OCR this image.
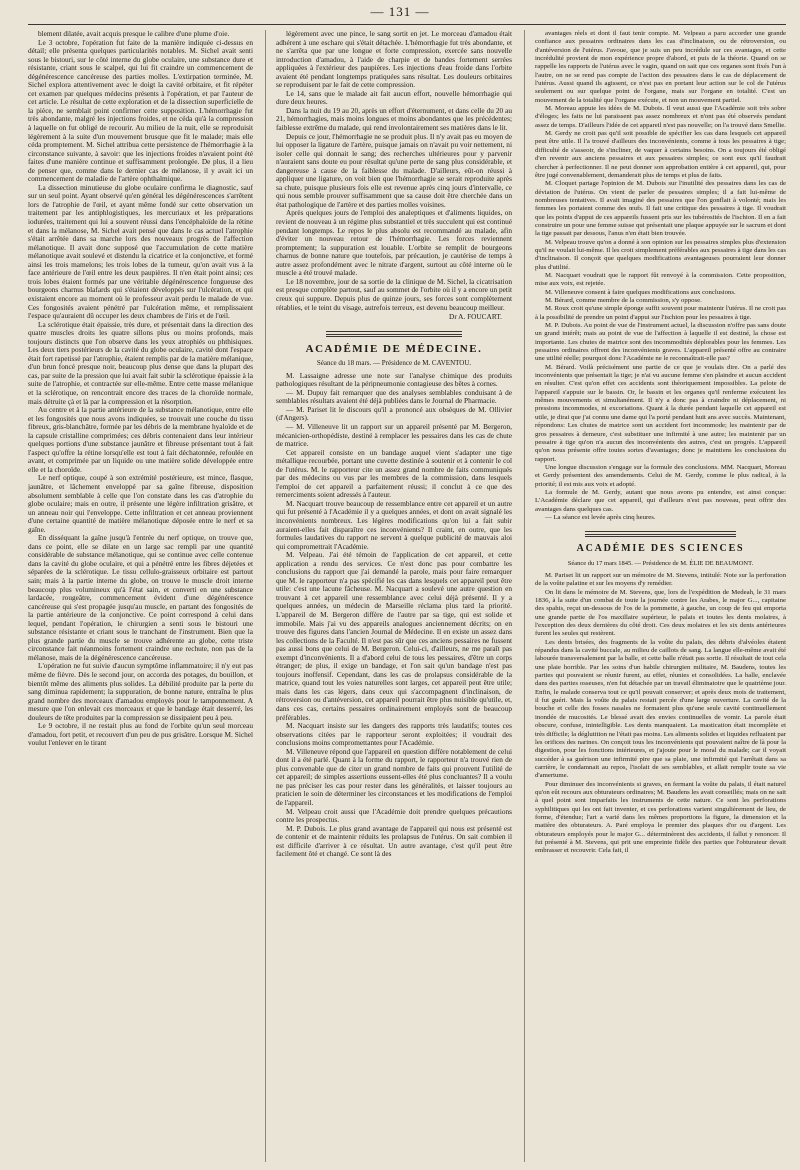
— 131 —

blement dilatée, avait acquis presque le calibre d'une plume d'oie.

Le 3 octobre, l'opération fut faite de la manière indiquée ci-dessus en détail; elle présenta quelques particularités notables. M. Sichel avait senti sous le bistouri, sur le côté interne du globe oculaire, une substance dure et résistante, criant sous le scalpel, qui lui fit craindre un commencement de dégénérescence cancéreuse des parties molles. L'extirpation terminée, M. Sichel explora attentivement avec le doigt la cavité orbitaire, et fit répéter cet examen par quelques médecins présents à l'opération, et par l'auteur de cet article. Le résultat de cette exploration et de la dissection superficielle de la pièce, ne semblait point confirmer cette supposition. L'hémorrhagie fut très abondante, malgré les injections froides, et ne céda qu'à la compression à laquelle on fut obligé de recourir. Au milieu de la nuit, elle se reproduisit légèrement à la suite d'un mouvement brusque que fit le malade; mais elle céda promptement. M. Sichel attribua cette persistence de l'hémorrhagie à la circonstance suivante, à savoir: que les injections froides n'avaient point été faites d'une manière continue et suffisamment prolongée. De plus, il a lieu de penser que, comme dans le dernier cas de mélanose, il y avait ici un commencement de maladie de l'artère ophthalmique.

La dissection minutieuse du globe oculaire confirma le diagnostic, sauf sur un seul point. Ayant observé qu'en général les dégénérescences s'arrêtent lors de l'atrophie de l'œil, et ayant même fondé sur cette observation un traitement par les antiphlogistiques, les mercuriaux et les préparations iodurées, traitement qui lui a souvent réussi dans l'encéphaloïde de la rétine et dans la mélanose, M. Sichel avait pensé que dans le cas actuel l'atrophie s'était arrêtée dans sa marche lors des nouveaux progrès de l'affection mélanotique. Il avait donc supposé que l'accumulation de cette matière mélanotique avait soulevé et distendu la cicatrice et la conjonctive, et formé ainsi les trois mamelons; les trois lobes de la tumeur, qu'on avait vus à la face antérieure de l'œil entre les deux paupières. Il n'en était point ainsi; ces trois lobes étaient formés par une véritable dégénérescence fongueuse des bourgeons charnus blafards qui s'étaient développés sur l'ulcération, et qui existaient encore au moment où le professeur avait perdu le malade de vue. Ces fongosités avaient pénétré par l'ulcération même, et remplissaient l'espace qu'auraient dû occuper les deux chambres de l'iris et de l'œil.

La sclérotique était épaissie, très dure, et présentait dans la direction des quatre muscles droits les quatre sillons plus ou moins profonds, mais toujours distincts que l'on observe dans les yeux atrophiés ou phthisiques. Les deux tiers postérieurs de la cavité du globe oculaire, cavité dont l'espace était fort rapetissé par l'atrophie, étaient remplis par de la matière mélanique, d'un brun foncé presque noir, beaucoup plus dense que dans la plupart des cas, par suite de la pression que lui avait fait subir la sclérotique épaissie à la suite de l'atrophie, et contractée sur elle-même. Entre cette masse mélanique et la sclérotique, on rencontrait encore des traces de la choroïde normale, mais détruite çà et là par la compression et la résorption.

Au centre et à la partie antérieure de la substance mélanotique, entre elle et les fongosités que nous avons indiquées, se trouvait une couche du tissu fibreux, gris-blanchâtre, formée par les débris de la membrane hyaloïde et de la capsule cristalline comprimées; ces débris contenaient dans leur intérieur quelques portions d'une substance jaunâtre et fibreuse présentant tout à fait l'aspect qu'offre la rétine lorsqu'elle est tout à fait déchatonnée, refoulée en avant, et comprimée par un liquide ou une matière solide développée entre elle et la choroïde.

Le nerf optique, coupé à son extrémité postérieure, est mince, flasque, jaunâtre, et lâchement enveloppé par sa gaîne fibreuse, disposition absolument semblable à celle que l'on constate dans les cas d'atrophie du globe oculaire; mais en outre, il présente une légère infiltration grisâtre, et un anneau noir qui l'enveloppe. Cette infiltration et cet anneau proviennent d'une certaine quantité de matière mélanotique déposée entre le nerf et sa gaîne.

En disséquant la gaîne jusqu'à l'entrée du nerf optique, on trouve que, dans ce point, elle se dilate en un large sac rempli par une quantité considérable de substance mélanotique, qui se continue avec celle contenue dans la cavité du globe oculaire, et qui a pénétré entre les fibres déjetées et séparées de la sclérotique. Le tissu cellulo-graisseux orbitaire est partout sain; mais à la partie interne du globe, on trouve le muscle droit interne beaucoup plus volumineux qu'à l'état sain, et converti en une substance lardacée, rougeâtre, commencement évident d'une dégénérescence cancéreuse qui s'est propagée jusqu'au muscle, en partant des fongosités de la partie antérieure de la conjonctive. Ce point correspond à celui dans lequel, pendant l'opération, le chirurgien a senti sous le bistouri une substance résistante et criant sous le tranchant de l'instrument. Bien que la plus grande partie du muscle se trouve adhérente au globe, cette triste circonstance fait néanmoins fortement craindre une rechute, non pas de la mélanose, mais de la dégénérescence cancéreuse.

L'opération ne fut suivie d'aucun symptôme inflammatoire; il n'y eut pas même de fièvre. Dès le second jour, on accorda des potages, du bouillon, et bientôt même des aliments plus solides. La débilité produite par la perte du sang diminua rapidement; la suppuration, de bonne nature, entraîna le plus grand nombre des morceaux d'amadou employés pour le tamponnement. A mesure que l'on enlevait ces morceaux et que le bandage était desserré, les douleurs de tête produites par la compression se dissipaient peu à peu.

Le 9 octobre, il ne restait plus au fond de l'orbite qu'un seul morceau d'amadou, fort petit, et recouvert d'un peu de pus grisâtre. Lorsque M. Sichel voulut l'enlever en le tirant

légèrement avec une pince, le sang sortit en jet. Le morceau d'amadou était adhérent à une eschare qui s'était détachée. L'hémorrhagie fut très abondante, et ne s'arrêta que par une longue et forte compression, exercée sans nouvelle introduction d'amadou, à l'aide de charpie et de bandes fortement serrées appliquées à l'extérieur des paupières. Les injections d'eau froide dans l'orbite avaient été pendant longtemps pratiquées sans résultat. Les douleurs orbitaires se reproduisent par le fait de cette compression.

Le 14, sans que le malade ait fait aucun effort, nouvelle hémorrhagie qui dure deux heures.

Dans la nuit du 19 au 20, après un effort d'éternument, et dans celle du 20 au 21, hémorrhagies, mais moins longues et moins abondantes que les précédentes; faiblesse extrême du malade, qui rend involontairement ses matières dans le lit.

Depuis ce jour, l'hémorrhagie ne se produit plus. Il n'y avait pas eu moyen de lui opposer la ligature de l'artère, puisque jamais on n'avait pu voir nettement, ni isoler celle qui donnait le sang; des recherches ultérieures pour y parvenir n'auraient sans doute eu pour résultat qu'une perte de sang plus considérable, et dangereuse à cause de la faiblesse du malade. D'ailleurs, eût-on réussi à appliquer une ligature, on voit bien que l'hémorrhagie se serait reproduite après sa chute, puisque plusieurs fois elle est revenue après cinq jours d'intervalle, ce qui nous semble prouver suffisamment que sa cause doit être cherchée dans un état pathologique de l'artère et des parties molles voisines.

Après quelques jours de l'emploi des analeptiques et d'aliments liquides, on revient de nouveau à un régime plus substantiel et très succulent qui est continué pendant longtemps. Le repos le plus absolu est recommandé au malade, afin d'éviter un nouveau retour de l'hémorrhagie. Les forces reviennent promptement; la suppuration est louable. L'orbite se remplit de bourgeons charnus de bonne nature que toutefois, par précaution, je cautérise de temps à autre assez profondément avec le nitrate d'argent, surtout au côté interne où le muscle a été trouvé malade.

Le 18 novembre, jour de sa sortie de la clinique de M. Sichel, la cicatrisation est presque complète partout, sauf au sommet de l'orbite où il y a encore un petit creux qui suppure. Depuis plus de quinze jours, ses forces sont complètement rétablies, et le teint du visage, autrefois terreux, est devenu beaucoup meilleur.

Dr A. FOUCART.
ACADÉMIE DE MÉDECINE.
Séance du 18 mars. — Présidence de M. CAVENTOU.

M. Lassaigne adresse une note sur l'analyse chimique des produits pathologiques résultant de la péripneumonie contagieuse des bêtes à cornes.

— M. Dupuy fait remarquer que des analyses semblables conduisant à de semblables résultats avaient été déjà publiées dans le Journal de Pharmacie.

— M. Pariset lit le discours qu'il a prononcé aux obsèques de M. Ollivier (d'Angers).

— M. Villeneuve lit un rapport sur un appareil présenté par M. Bergeron, mécanicien-orthopédiste, destiné à remplacer les pessaires dans les cas de chute de matrice.

Cet appareil consiste en un bandage auquel vient s'adapter une tige métallique recourbée, portant une cuvette destinée à soutenir et à contenir le col de l'utérus. M. le rapporteur cite un assez grand nombre de faits communiqués par des médecins ou vus par les membres de la commission, dans lesquels l'emploi de cet appareil a parfaitement réussi; il conclut à ce que des remerciments soient adressés à l'auteur.

M. Nacquart trouve beaucoup de ressemblance entre cet appareil et un autre qui fut présenté à l'Académie il y a quelques années, et dont on avait signalé les inconvénients nombreux. Les légères modifications qu'on lui a fait subir auraient-elles fait disparaître ces inconvénients? Il craint, en outre, que les formules laudatives du rapport ne servent à quelque publicité de mauvais aloi qui compromettrait l'Académie.

M. Velpeau. J'ai été témoin de l'application de cet appareil, et cette application a rendu des services. Ce n'est donc pas pour combattre les conclusions du rapport que j'ai demandé la parole, mais pour faire remarquer que M. le rapporteur n'a pas spécifié les cas dans lesquels cet appareil peut être utile: c'est une lacune fâcheuse. M. Nacquart a soulevé une autre question en trouvant à cet appareil une ressemblance avec celui déjà présenté. Il y a quelques années, un médecin de Marseille réclama plus tard la priorité. L'appareil de M. Bergeron diffère de l'autre par sa tige, qui est solide et immobile. Mais j'ai vu des appareils analogues anciennement décrits; on en trouve des figures dans l'ancien Journal de Médecine. Il en existe un assez dans les collections de la Faculté. Il n'est pas sûr que ces anciens pessaires ne fussent pas aussi bons que celui de M. Bergeron. Celui-ci, d'ailleurs, ne me paraît pas exempt d'inconvénients. Il a d'abord celui de tous les pessaires, d'être un corps étranger; de plus, il exige un bandage, et l'on sait qu'un bandage n'est pas toujours inoffensif. Cependant, dans les cas de prolapsus considérable de la matrice, quand tout les voies naturelles sont larges, cet appareil peut être utile; mais dans les cas légers, dans ceux qui s'accompagnent d'inclinaison, de rétroversion ou d'antéversion, cet appareil pourrait être plus nuisible qu'utile, et, dans ces cas, certains pessaires ordinairement employés sont de beaucoup préférables.

M. Nacquart insiste sur les dangers des rapports très laudatifs; toutes ces observations citées par le rapporteur seront exploitées; il voudrait des conclusions moins compromettantes pour l'Académie.

M. Villeneuve répond que l'appareil en question diffère notablement de celui dont il a été parlé. Quant à la forme du rapport, le rapporteur n'a trouvé rien de plus convenable que de citer un grand nombre de faits qui prouvent l'utilité de cet appareil; de simples assertions eussent-elles été plus concluantes? Il a voulu ne pas préciser les cas pour rester dans les généralités, et laisser toujours au praticien le soin de déterminer les circonstances et les modifications de l'emploi de l'appareil.

M. Velpeau croit aussi que l'Académie doit prendre quelques précautions contre les prospectus.

M. P. Dubois. Le plus grand avantage de l'appareil qui nous est présenté est de contenir et de maintenir réduits les prolapsus de l'utérus. On sait combien il est difficile d'arriver à ce résultat. Un autre avantage, c'est qu'il peut être facilement ôté et changé. Ce sont là des

avantages réels et dont il faut tenir compte. M. Velpeau a paru accorder une grande confiance aux pessaires ordinaires dans les cas d'inclinaison, ou de rétroversion, ou d'antéversion de l'utérus. J'avoue, que je suis un peu incrédule sur ces avantages, et cette incrédulité provient de mon expérience propre d'abord, et puis de la théorie. Quand on se rappelle les rapports de l'utérus avec le vagin, quand on sait que ces organes sont fixés l'un à l'autre, on ne se rend pas compte de l'action des pessaires dans le cas de déplacement de l'utérus. Aussi quand ils agissent, ce n'est pas en portant leur action sur le col de l'utérus seulement ou sur quelque point de l'organe, mais sur l'organe en totalité. C'est un mouvement de la totalité que l'organe exécute, et non un mouvement partiel.

M. Moreau appuie les idées de M. Dubois. Il veut aussi que l'Académie soit très sobre d'éloges; les faits ne lui paraissent pas assez nombreux et n'ont pas été observés pendant assez de temps. D'ailleurs l'idée de cet appareil n'est pas nouvelle; on l'a trouvé dans Smellie.

M. Gerdy ne croit pas qu'il soit possible de spécifier les cas dans lesquels cet appareil peut être utile. Il l'a trouvé d'ailleurs des inconvénients, comme à tous les pessaires à tige; difficulté de s'asseoir, de s'incliner, de vaquer à certains besoins. On a toujours été obligé d'en revenir aux anciens pessaires et aux pessaires simples; ce sont eux qu'il faudrait chercher à perfectionner. Il ne peut donner son approbation entière à cet appareil, qui, pour être jugé convenablement, demanderait plus de temps et plus de faits.

M. Cloquet partage l'opinion de M. Dubois sur l'inutilité des pessaires dans les cas de déviation de l'utérus. On vient de parler de pessaires simples; il a fait lui-même de nombreuses tentatives. Il avait imaginé des pessaires que l'on gonflait à volonté; mais les femmes les portaient comme des œufs. Il fait une critique des pessaires à tige. Il voudrait que les points d'appui de ces appareils fussent pris sur les tubérosités de l'ischion. Il en a fait construire un pour une femme suisse qui présentait une plaque appuyée sur le sacrum et dont la tige passait par dessous, l'anus n'en était bien trouvée.

M. Velpeau trouve qu'on a donné à son opinion sur les pessaires simples plus d'extension qu'il ne voulait lui-même. Il les croit simplement préférables aux pessaires à tige dans les cas d'inclinaison. Il conçoit que quelques modifications avantageuses pourraient leur donner plus d'utilité.

M. Nacquart voudrait que le rapport fût renvoyé à la commission. Cette proposition, mise aux voix, est rejetée.

M. Villeneuve consent à faire quelques modifications aux conclusions.

M. Bérard, comme membre de la commission, s'y oppose.

M. Roux croit qu'une simple éponge suffit souvent pour maintenir l'utérus. Il ne croit pas à la possibilité de prendre un point d'appui sur l'ischion pour les pessaires à tige.

M. P. Dubois. Au point de vue de l'instrument actuel, la discussion n'offre pas sans doute un grand intérêt; mais au point de vue de l'affection à laquelle il est destiné, la chose est importante. Les chutes de matrice sont des incommodités déplorables pour les femmes. Les pessaires ordinaires offrent des inconvénients graves. L'appareil présenté offre au contraire une utilité réelle; pourquoi donc l'Académie ne le reconnaîtrait-elle pas?

M. Bérard. Voilà précisément une partie de ce que je voulais dire. On a parlé des inconvénients que présentait la tige; je n'ai vu aucune femme s'en plaindre et aucun accident en résulter. C'est qu'on effet ces accidents sont théoriquement impossibles. La pelote de l'appareil s'appuie sur le bassin. Or, le bassin et les organes qu'il renferme exécutent les mêmes mouvements et simultanément. Il n'y a donc pas à craindre ni déplacement, ni pressions incommodes, ni excoriations. Quant à la durée pendant laquelle cet appareil est utile, je dirai que j'ai connu une dame qui l'a porté pendant huit ans avec succès. Maintenant, répondons: Les chutes de matrice sont un accident fort incommode; les maintenir par de gros pessaires à demeure, c'est substituer une infirmité à une autre; les maintenir par un pessaire à tige qu'on n'a aucun des inconvénients des autres, c'est un progrès. L'appareil qu'on nous présente offre toutes sortes d'avantages; donc je maintiens les conclusions du rapport.

Une longue discussion s'engage sur la formule des conclusions. MM. Nacquart, Moreau et Gerdy présentent des amendements. Celui de M. Gerdy, comme le plus radical, à la priorité; il est mis aux voix et adopté.

La formule de M. Gerdy, autant que nous avons pu entendre, est ainsi conçue: L'Académie déclare que cet appareil, qui d'ailleurs n'est pas nouveau, peut offrir des avantages dans quelques cas.

— La séance est levée après cinq heures.

ACADÉMIE DES SCIENCES
Séance du 17 mars 1845. — Présidence de M. ÉLIE DE BEAUMONT.

M. Pariset lit un rapport sur un mémoire de M. Stevens, intitulé: Note sur la perforation de la voûte palatine et sur les moyens d'y remédier.

On lit dans le mémoire de M. Stevens, que, lors de l'expédition de Medeah, le 31 mars 1836, à la suite d'un combat de toute la journée contre les Arabes, le major G..., capitaine des spahis, reçut un-dessous de l'os de la pommette, à gauche, un coup de feu qui emporta une grande partie de l'os maxillaire supérieur, le palais et toutes les dents molaires, à l'exception des deux dernières du côté droit. Ces deux molaires et les six dents antérieures furent les seules qui restèrent.

Les dents brisées, des fragments de la voûte du palais, des débris d'alvéoles étaient répandus dans la cavité buccale, au milieu de caillots de sang. La langue elle-même avait été labourée transversalement par la balle, et cette balle n'était pas sortie. Il résultait de tout cela une plaie horrible. Par les soins d'un habile chirurgien militaire, M. Baudens, toutes les parties qui pouvaient se réunir furent, au effet, réunies et consolidées. La balle, enclavée dans des parties osseuses, n'en fut détachée par un travail éliminatoire que le quatrième jour. Enfin, le malade conserva tout ce qu'il pouvait conserver; et après deux mois de traitement, il fut guéri. Mais la voûte du palais restait percée d'une large ouverture. La cavité de la bouche et celle des fosses nasales ne formaient plus qu'une seule cavité continuellement inondée de mucosités. Le blessé avait des envies continuelles de vomir. La parole était obscure, confuse, inintelligible. Les dents manquaient. La mastication était incomplète et très difficile; la déglutition ne l'était pas moins. Les aliments solides et liquides refluaient par les orifices des narines. On conçoit tous les inconvénients qui pouvaient naître de là pour la digestion, pour les fonctions intérieures, et j'ajoute pour le moral du malade; car il voyait succéder à sa guérison une infirmité pire que sa plaie, une infirmité qui l'arrêtait dans sa carrière, le condamnait au repos, l'isolait de ses semblables, et allait remplir toute sa vie d'amertume.

Pour diminuer des inconvénients si graves, en fermant la voûte du palais, il était naturel qu'on eût recours aux obturateurs ordinaires; M. Baudens les avait conseillés; mais on ne sait à quel point sont imparfaits les instruments de cette nature. Ce sont les perforations syphilitiques qui les ont fait inventer, et ces perforations varient singulièrement de lieu, de forme, d'étendue; l'art a varié dans les mêmes proportions la figure, la dimension et la matière des obturateurs. A. Paré employa le premier des plaques d'or ou d'argent. Les obturateurs employés pour le major G... déterminèrent des accidents, il fallut y renoncer. Il fut présenté à M. Stevens, qui prit une empreinte fidèle des parties que l'obturateur devait embrasser et recouvrir. Cela fait, il
